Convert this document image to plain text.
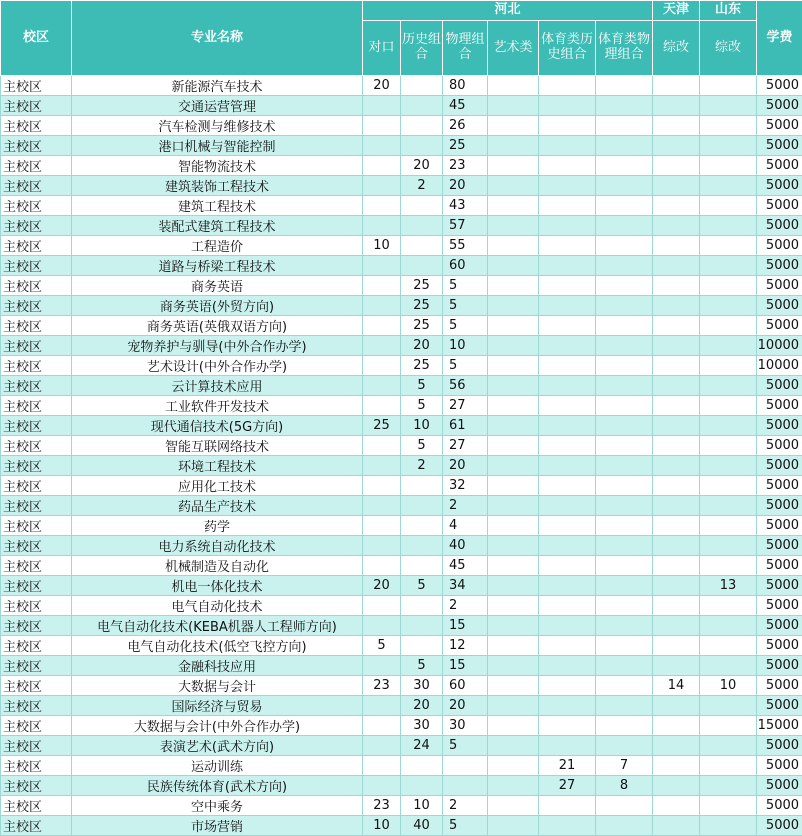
校区	专业名称	河北						天津	山东	学费
		对口	历史组合	物理组合	艺术类	体育类历史组合	体育类物理组合	综改	综改	
主校区	新能源汽车技术	20		80						5000
主校区	交通运营管理			45						5000
主校区	汽车检测与维修技术			26						5000
主校区	港口机械与智能控制			25						5000
主校区	智能物流技术		20	23						5000
主校区	建筑装饰工程技术		2	20						5000
主校区	建筑工程技术			43						5000
主校区	装配式建筑工程技术			57						5000
主校区	工程造价	10		55						5000
主校区	道路与桥梁工程技术			60						5000
主校区	商务英语		25	5						5000
主校区	商务英语(外贸方向)		25	5						5000
主校区	商务英语(英俄双语方向)		25	5						5000
主校区	宠物养护与驯导(中外合作办学)		20	10						10000
主校区	艺术设计(中外合作办学)		25	5						10000
主校区	云计算技术应用		5	56						5000
主校区	工业软件开发技术		5	27						5000
主校区	现代通信技术(5G方向)	25	10	61						5000
主校区	智能互联网络技术		5	27						5000
主校区	环境工程技术		2	20						5000
主校区	应用化工技术			32						5000
主校区	药品生产技术			2						5000
主校区	药学			4						5000
主校区	电力系统自动化技术			40						5000
主校区	机械制造及自动化			45						5000
主校区	机电一体化技术	20	5	34					13	5000
主校区	电气自动化技术			2						5000
主校区	电气自动化技术(KEBA机器人工程师方向)			15						5000
主校区	电气自动化技术(低空飞控方向)	5		12						5000
主校区	金融科技应用		5	15						5000
主校区	大数据与会计	23	30	60				14	10	5000
主校区	国际经济与贸易		20	20						5000
主校区	大数据与会计(中外合作办学)		30	30						15000
主校区	表演艺术(武术方向)		24	5						5000
主校区	运动训练					21	7			5000
主校区	民族传统体育(武术方向)					27	8			5000
主校区	空中乘务	23	10	2						5000
主校区	市场营销	10	40	5						5000
